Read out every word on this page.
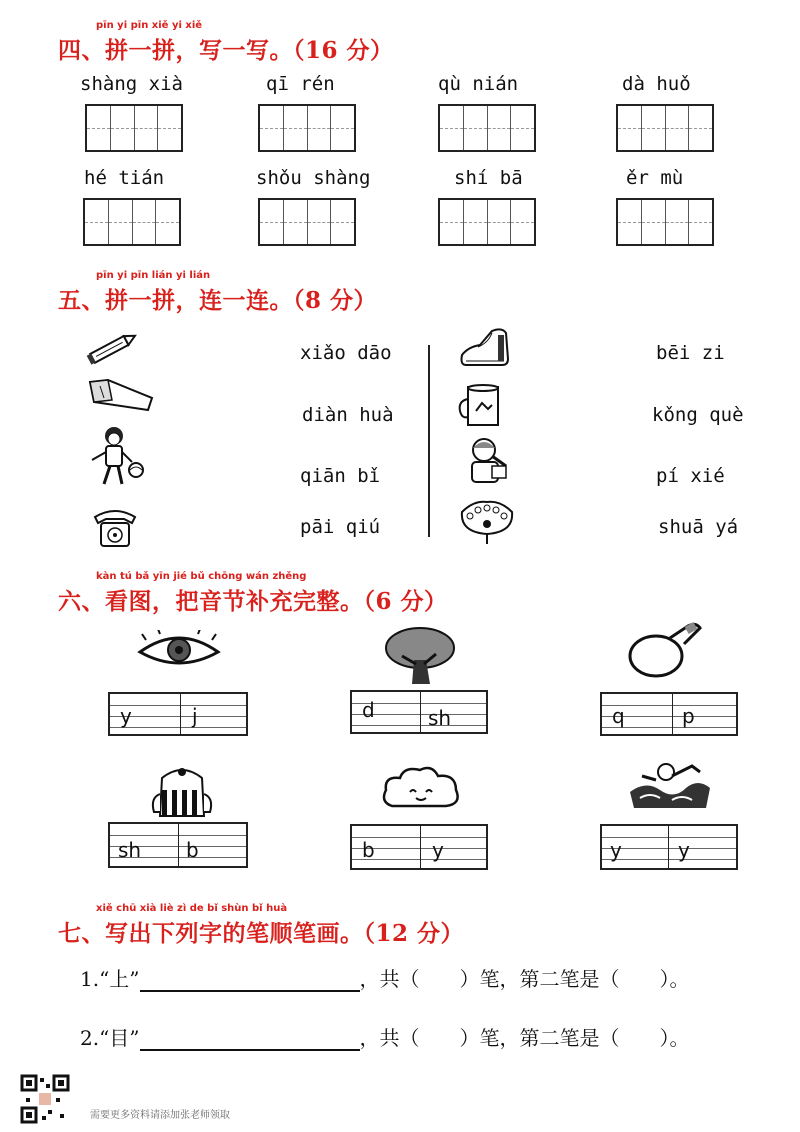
pīn yi pīn xiě yi xiě
四、拼一拼，写一写。（16 分）
shàng xià	qī rén	qù nián	dà huǒ
hé tián	shǒu shàng	shí bā	ěr mù
pīn yi pīn lián yi lián
五、拼一拼，连一连。（8 分）
xiǎo dāo
diàn huà
qiān bǐ
pāi qiú
bēi zi
kǒng què
pí xié
shuā yá
kàn tú bǎ yīn jié bǔ chōng wán zhěng
六、看图，把音节补充完整。（6 分）
y	j	d	sh	q	p
sh b	b	y	y	y
xiě chū xià liè zì de bǐ shùn bǐ huà
七、写出下列字的笔顺笔画。（12 分）
1.“上”	，共（　　）笔，第二笔是（　　）。
2.“目”	，共（　　）笔，第二笔是（　　）。
需要更多资料请添加张老师领取
